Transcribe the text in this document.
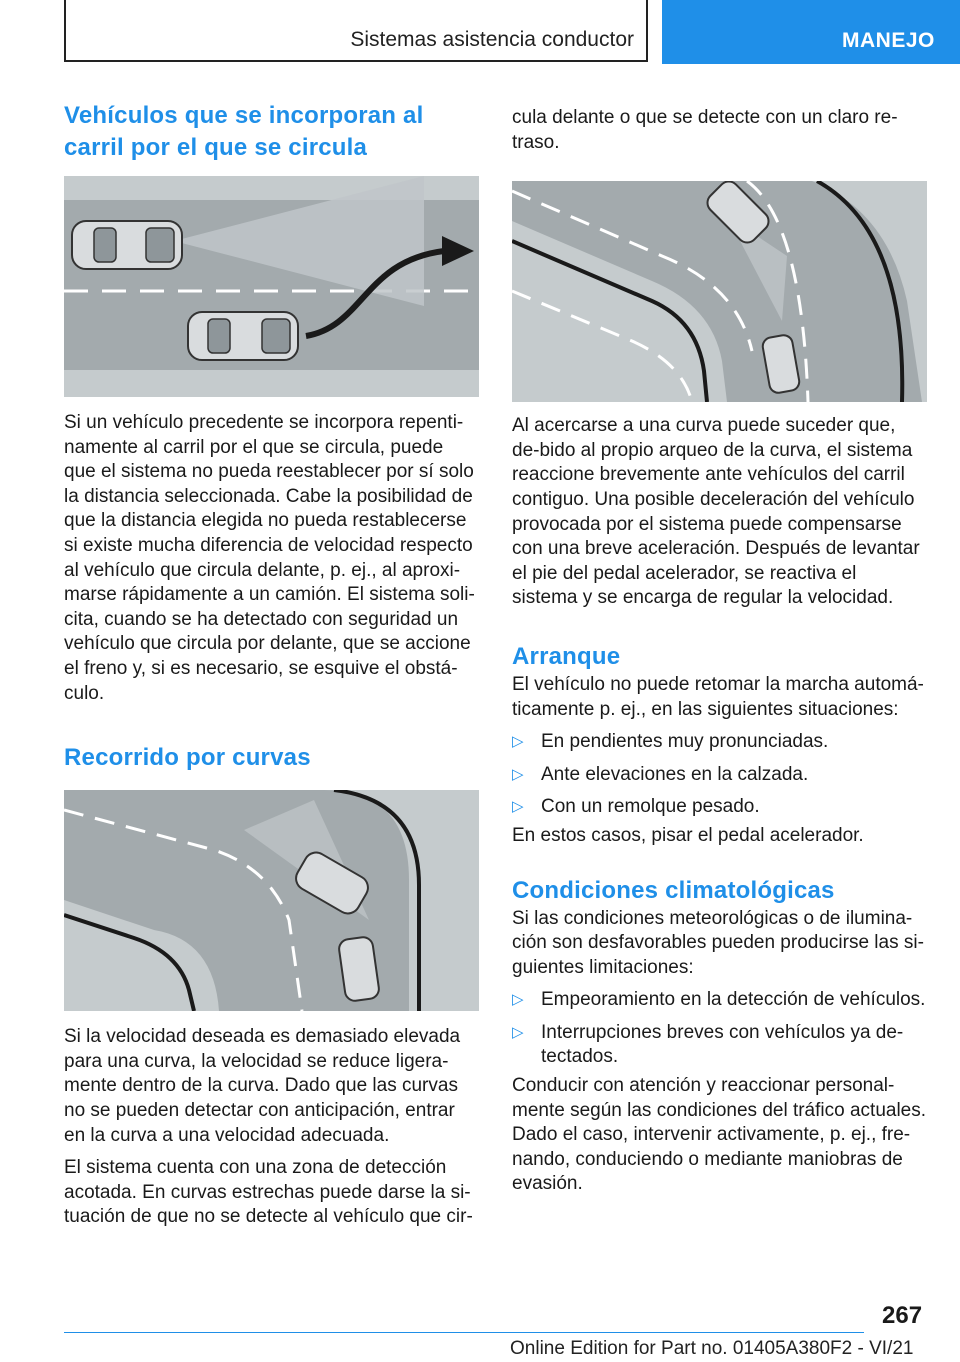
Sistemas asistencia conductor	MANEJO
Vehículos que se incorporan al carril por el que se circula

Si un vehículo precedente se incorpora repenti‐namente al carril por el que se circula, puede que el sistema no pueda reestablecer por sí solo la distancia seleccionada. Cabe la posibilidad de que la distancia elegida no pueda restablecerse si existe mucha diferencia de velocidad respecto al vehículo que circula delante, p. ej., al aproxi‐marse rápidamente a un camión. El sistema soli‐cita, cuando se ha detectado con seguridad un vehículo que circula por delante, que se accione el freno y, si es necesario, se esquive el obstá‐culo.

Recorrido por curvas

Si la velocidad deseada es demasiado elevada para una curva, la velocidad se reduce ligera‐mente dentro de la curva. Dado que las curvas no se pueden detectar con anticipación, entrar en la curva a una velocidad adecuada.

El sistema cuenta con una zona de detección acotada. En curvas estrechas puede darse la si‐tuación de que no se detecte al vehículo que cir‐

cula delante o que se detecte con un claro re‐traso.

Al acercarse a una curva puede suceder que, de‐bido al propio arqueo de la curva, el sistema reaccione brevemente ante vehículos del carril contiguo. Una posible deceleración del vehículo provocada por el sistema puede compensarse con una breve aceleración. Después de levantar el pie del pedal acelerador, se reactiva el sistema y se encarga de regular la velocidad.

Arranque

El vehículo no puede retomar la marcha automá‐ticamente p. ej., en las siguientes situaciones:

▷ En pendientes muy pronunciadas.
▷ Ante elevaciones en la calzada.
▷ Con un remolque pesado.

En estos casos, pisar el pedal acelerador.

Condiciones climatológicas

Si las condiciones meteorológicas o de ilumina‐ción son desfavorables pueden producirse las si‐guientes limitaciones:

▷ Empeoramiento en la detección de vehículos.
▷ Interrupciones breves con vehículos ya de‐tectados.

Conducir con atención y reaccionar personal‐mente según las condiciones del tráfico actuales. Dado el caso, intervenir activamente, p. ej., fre‐nando, conduciendo o mediante maniobras de evasión.

267
Online Edition for Part no. 01405A380F2 - VI/21
